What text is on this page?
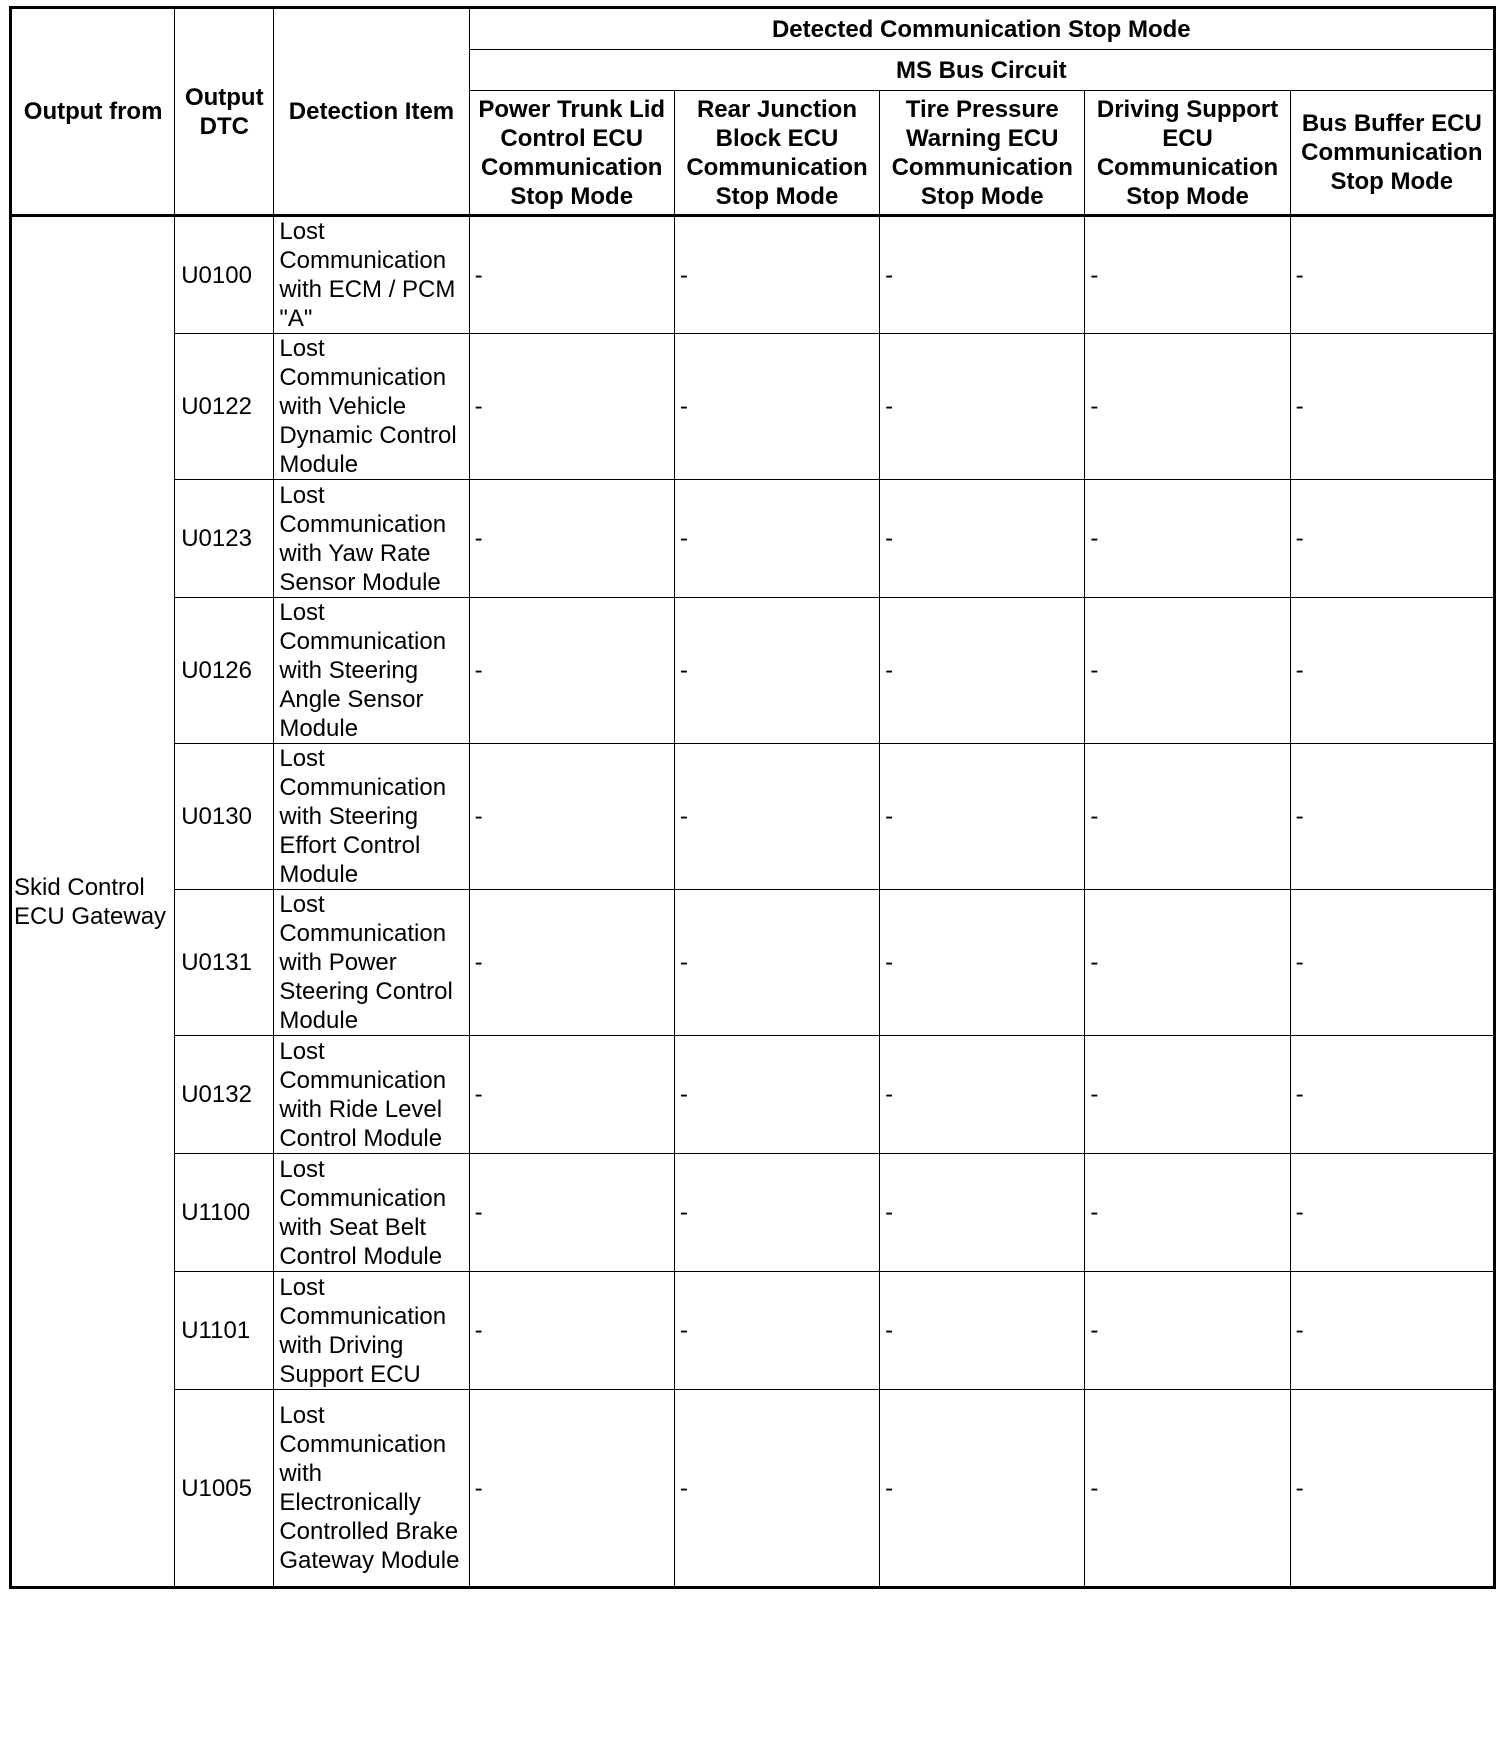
Output from	Output DTC	Detection Item	Detected Communication Stop Mode				
			MS Bus Circuit				
			Power Trunk Lid Control ECU Communication Stop Mode	Rear Junction Block ECU Communication Stop Mode	Tire Pressure Warning ECU Communication Stop Mode	Driving Support ECU Communication Stop Mode	Bus Buffer ECU Communication Stop Mode
Skid Control ECU Gateway	U0100	Lost Communication with ECM / PCM "A"	-	-	-	-	-
	U0122	Lost Communication with Vehicle Dynamic Control Module	-	-	-	-	-
	U0123	Lost Communication with Yaw Rate Sensor Module	-	-	-	-	-
	U0126	Lost Communication with Steering Angle Sensor Module	-	-	-	-	-
	U0130	Lost Communication with Steering Effort Control Module	-	-	-	-	-
	U0131	Lost Communication with Power Steering Control Module	-	-	-	-	-
	U0132	Lost Communication with Ride Level Control Module	-	-	-	-	-
	U1100	Lost Communication with Seat Belt Control Module	-	-	-	-	-
	U1101	Lost Communication with Driving Support ECU	-	-	-	-	-
	U1005	Lost Communication with Electronically Controlled Brake Gateway Module	-	-	-	-	-
